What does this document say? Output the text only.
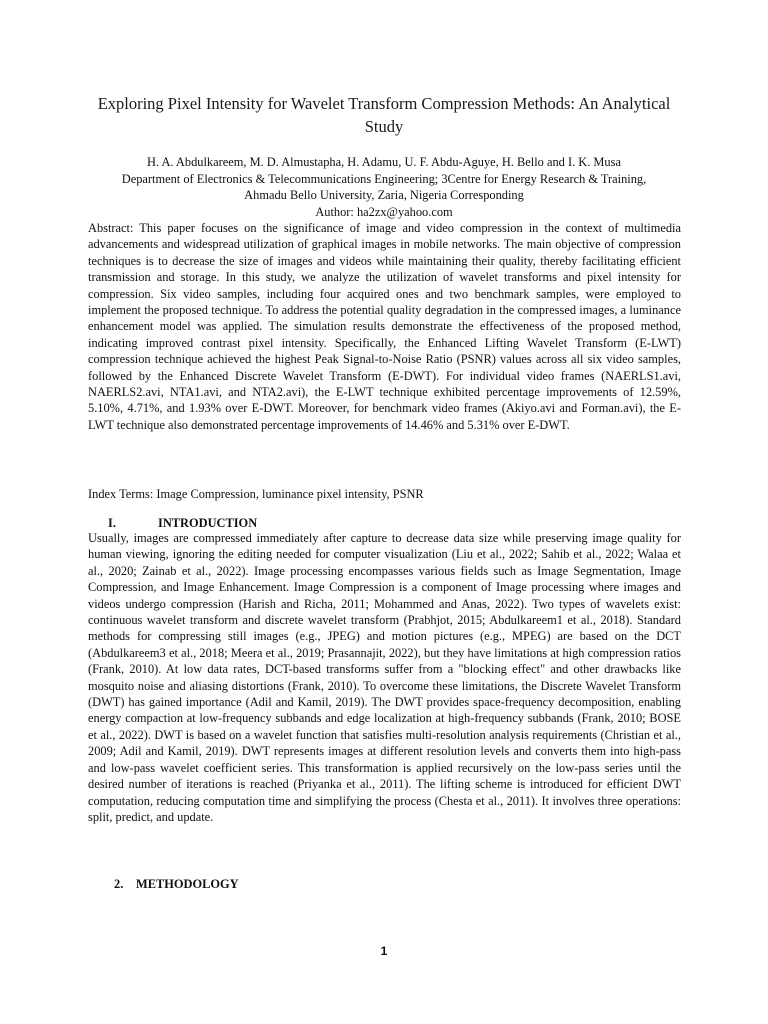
Exploring Pixel Intensity for Wavelet Transform Compression Methods: An Analytical Study
H. A. Abdulkareem, M. D. Almustapha, H. Adamu, U. F. Abdu-Aguye, H. Bello and I. K. Musa
Department of Electronics & Telecommunications Engineering; 3Centre for Energy Research & Training,
Ahmadu Bello University, Zaria, Nigeria Corresponding
Author: ha2zx@yahoo.com

Abstract: This paper focuses on the significance of image and video compression in the context of multimedia advancements and widespread utilization of graphical images in mobile networks. The main objective of compression techniques is to decrease the size of images and videos while maintaining their quality, thereby facilitating efficient transmission and storage. In this study, we analyze the utilization of wavelet transforms and pixel intensity for compression. Six video samples, including four acquired ones and two benchmark samples, were employed to implement the proposed technique. To address the potential quality degradation in the compressed images, a luminance enhancement model was applied. The simulation results demonstrate the effectiveness of the proposed method, indicating improved contrast pixel intensity. Specifically, the Enhanced Lifting Wavelet Transform (E-LWT) compression technique achieved the highest Peak Signal-to-Noise Ratio (PSNR) values across all six video samples, followed by the Enhanced Discrete Wavelet Transform (E-DWT). For individual video frames (NAERLS1.avi, NAERLS2.avi, NTA1.avi, and NTA2.avi), the E-LWT technique exhibited percentage improvements of 12.59%, 5.10%, 4.71%, and 1.93% over E-DWT. Moreover, for benchmark video frames (Akiyo.avi and Forman.avi), the E-LWT technique also demonstrated percentage improvements of 14.46% and 5.31% over E-DWT.

Index Terms: Image Compression, luminance pixel intensity, PSNR

I.	INTRODUCTION

Usually, images are compressed immediately after capture to decrease data size while preserving image quality for human viewing, ignoring the editing needed for computer visualization (Liu et al., 2022; Sahib et al., 2022; Walaa et al., 2020; Zainab et al., 2022). Image processing encompasses various fields such as Image Segmentation, Image Compression, and Image Enhancement. Image Compression is a component of Image processing where images and videos undergo compression (Harish and Richa, 2011; Mohammed and Anas, 2022). Two types of wavelets exist: continuous wavelet transform and discrete wavelet transform (Prabhjot, 2015; Abdulkareem1 et al., 2018). Standard methods for compressing still images (e.g., JPEG) and motion pictures (e.g., MPEG) are based on the DCT (Abdulkareem3 et al., 2018; Meera et al., 2019; Prasannajit, 2022), but they have limitations at high compression ratios (Frank, 2010). At low data rates, DCT-based transforms suffer from a "blocking effect" and other drawbacks like mosquito noise and aliasing distortions (Frank, 2010). To overcome these limitations, the Discrete Wavelet Transform (DWT) has gained importance (Adil and Kamil, 2019). The DWT provides space-frequency decomposition, enabling energy compaction at low-frequency subbands and edge localization at high-frequency subbands (Frank, 2010; BOSE et al., 2022). DWT is based on a wavelet function that satisfies multi-resolution analysis requirements (Christian et al., 2009; Adil and Kamil, 2019). DWT represents images at different resolution levels and converts them into high-pass and low-pass wavelet coefficient series. This transformation is applied recursively on the low-pass series until the desired number of iterations is reached (Priyanka et al., 2011). The lifting scheme is introduced for efficient DWT computation, reducing computation time and simplifying the process (Chesta et al., 2011). It involves three operations: split, predict, and update.

2. METHODOLOGY
1
